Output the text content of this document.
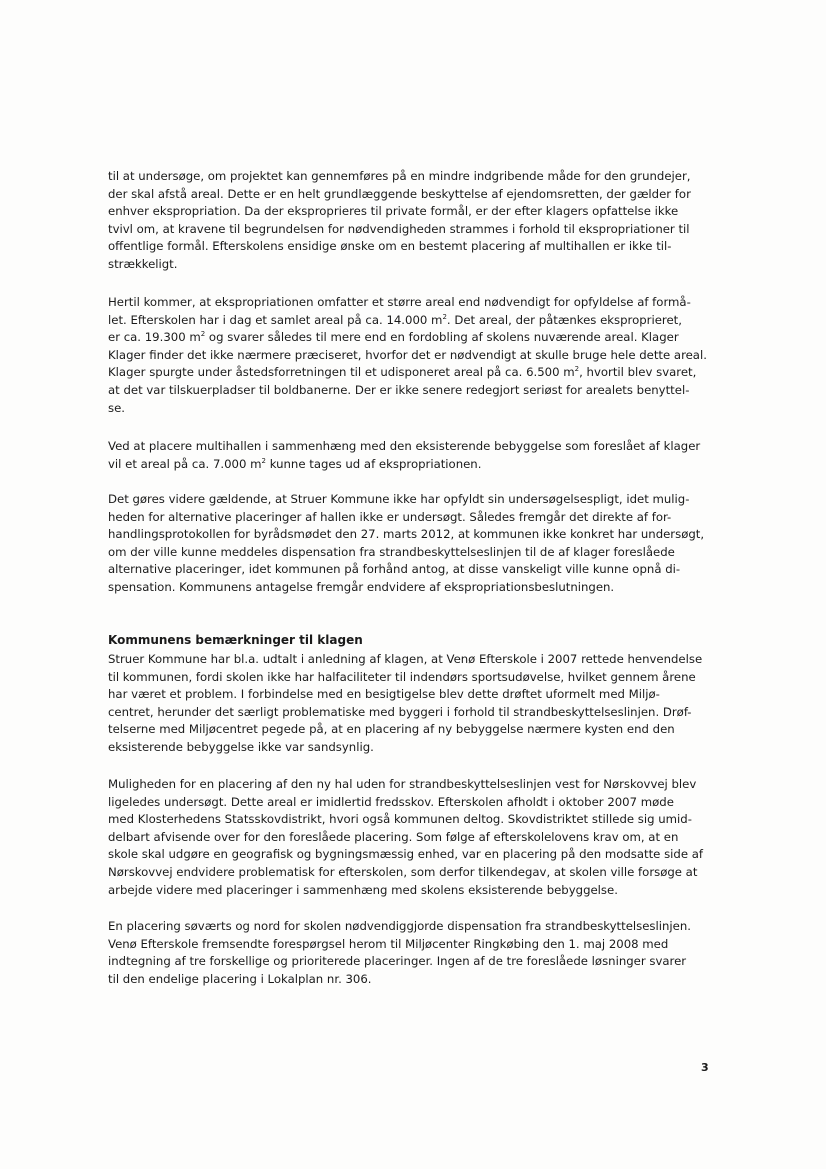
til at undersøge, om projektet kan gennemføres på en mindre indgribende måde for den grundejer,
der skal afstå areal. Dette er en helt grundlæggende beskyttelse af ejendomsretten, der gælder for
enhver ekspropriation. Da der eksproprieres til private formål, er der efter klagers opfattelse ikke
tvivl om, at kravene til begrundelsen for nødvendigheden strammes i forhold til ekspropriationer til
offentlige formål. Efterskolens ensidige ønske om en bestemt placering af multihallen er ikke til-
strækkeligt.
Hertil kommer, at ekspropriationen omfatter et større areal end nødvendigt for opfyldelse af formå-
let. Efterskolen har i dag et samlet areal på ca. 14.000 $m^2$. Det areal, der påtænkes eksproprieret,
er ca. 19.300 $m^2$ og svarer således til mere end en fordobling af skolens nuværende areal. Klager
Klager finder det ikke nærmere præciseret, hvorfor det er nødvendigt at skulle bruge hele dette areal.
Klager spurgte under åstedsforretningen til et udisponeret areal på ca. 6.500 $m^2$, hvortil blev svaret,
at det var tilskuerpladser til boldbanerne. Der er ikke senere redegjort seriøst for arealets benyttel-
se.
Ved at placere multihallen i sammenhæng med den eksisterende bebyggelse som foreslået af klager
vil et areal på ca. 7.000 $m^2$ kunne tages ud af ekspropriationen.
Det gøres videre gældende, at Struer Kommune ikke har opfyldt sin undersøgelsespligt, idet mulig-
heden for alternative placeringer af hallen ikke er undersøgt. Således fremgår det direkte af for-
handlingsprotokollen for byrådsmødet den 27. marts 2012, at kommunen ikke konkret har undersøgt,
om der ville kunne meddeles dispensation fra strandbeskyttelseslinjen til de af klager foreslåede
alternative placeringer, idet kommunen på forhånd antog, at disse vanskeligt ville kunne opnå di-
spensation. Kommunens antagelse fremgår endvidere af ekspropriationsbeslutningen.
Kommunens bemærkninger til klagen
Struer Kommune har bl.a. udtalt i anledning af klagen, at Venø Efterskole i 2007 rettede henvendelse
til kommunen, fordi skolen ikke har halfaciliteter til indendørs sportsudøvelse, hvilket gennem årene
har været et problem. I forbindelse med en besigtigelse blev dette drøftet uformelt med Miljø-
centret, herunder det særligt problematiske med byggeri i forhold til strandbeskyttelseslinjen. Drøf-
telserne med Miljøcentret pegede på, at en placering af ny bebyggelse nærmere kysten end den
eksisterende bebyggelse ikke var sandsynlig.
Muligheden for en placering af den ny hal uden for strandbeskyttelseslinjen vest for Nørskovvej blev
ligeledes undersøgt. Dette areal er imidlertid fredsskov. Efterskolen afholdt i oktober 2007 møde
med Klosterhedens Statsskovdistrikt, hvori også kommunen deltog. Skovdistriktet stillede sig umid-
delbart afvisende over for den foreslåede placering. Som følge af efterskolelovens krav om, at en
skole skal udgøre en geografisk og bygningsmæssig enhed, var en placering på den modsatte side af
Nørskovvej endvidere problematisk for efterskolen, som derfor tilkendegav, at skolen ville forsøge at
arbejde videre med placeringer i sammenhæng med skolens eksisterende bebyggelse.
En placering søværts og nord for skolen nødvendiggjorde dispensation fra strandbeskyttelseslinjen.
Venø Efterskole fremsendte forespørgsel herom til Miljøcenter Ringkøbing den 1. maj 2008 med
indtegning af tre forskellige og prioriterede placeringer. Ingen af de tre foreslåede løsninger svarer
til den endelige placering i Lokalplan nr. 306.
3
